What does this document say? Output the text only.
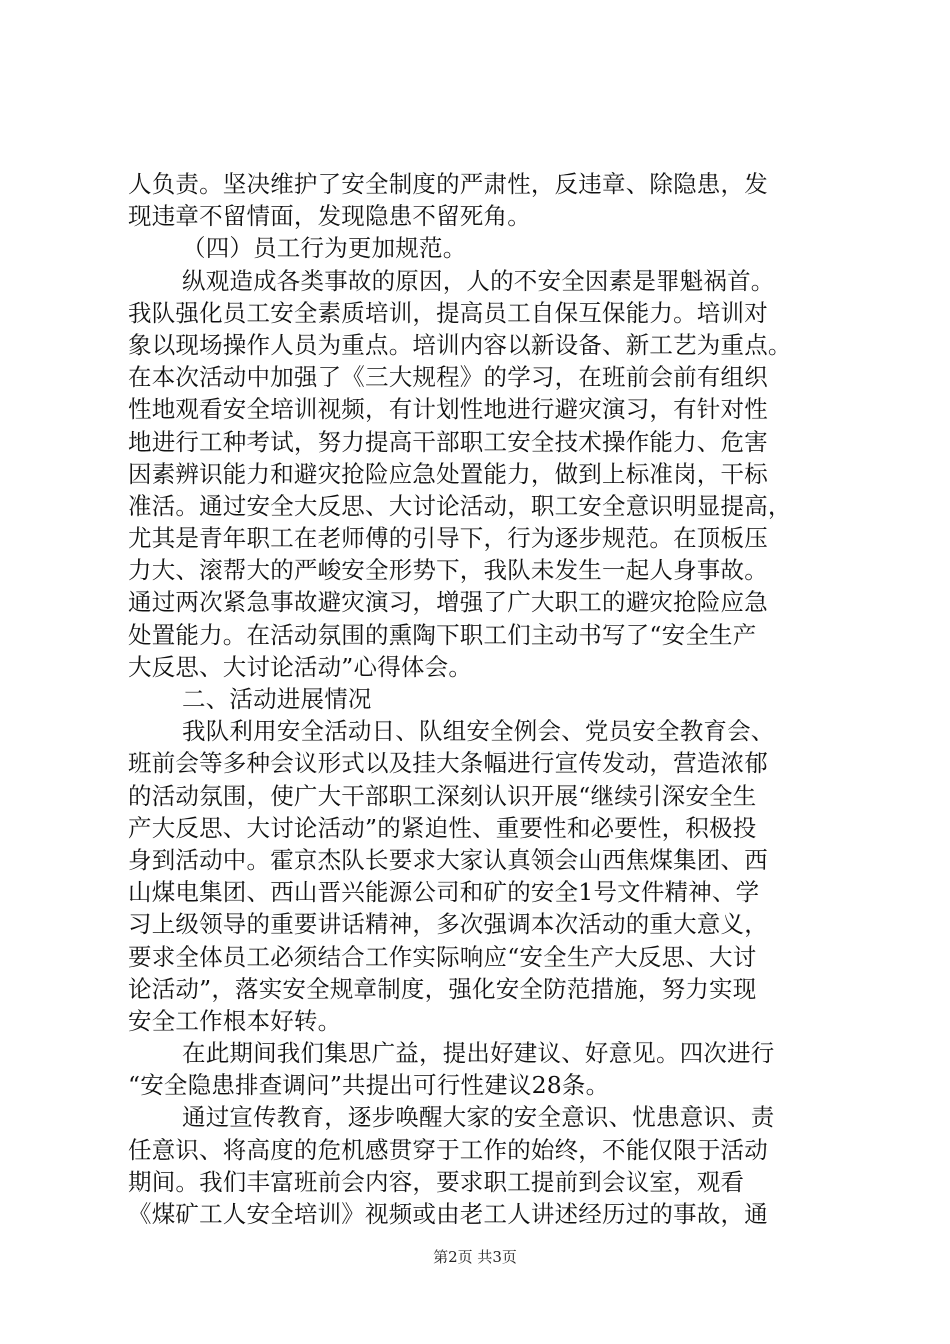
人负责。坚决维护了安全制度的严肃性，反违章、除隐患，发
现违章不留情面，发现隐患不留死角。
（四）员工行为更加规范。
纵观造成各类事故的原因，人的不安全因素是罪魁祸首。
我队强化员工安全素质培训，提高员工自保互保能力。培训对
象以现场操作人员为重点。培训内容以新设备、新工艺为重点。
在本次活动中加强了《三大规程》的学习，在班前会前有组织
性地观看安全培训视频，有计划性地进行避灾演习，有针对性
地进行工种考试，努力提高干部职工安全技术操作能力、危害
因素辨识能力和避灾抢险应急处置能力，做到上标准岗，干标
准活。通过安全大反思、大讨论活动，职工安全意识明显提高，
尤其是青年职工在老师傅的引导下，行为逐步规范。在顶板压
力大、滚帮大的严峻安全形势下，我队未发生一起人身事故。
通过两次紧急事故避灾演习，增强了广大职工的避灾抢险应急
处置能力。在活动氛围的熏陶下职工们主动书写了“安全生产
大反思、大讨论活动”心得体会。
二、活动进展情况
我队利用安全活动日、队组安全例会、党员安全教育会、
班前会等多种会议形式以及挂大条幅进行宣传发动，营造浓郁
的活动氛围，使广大干部职工深刻认识开展“继续引深安全生
产大反思、大讨论活动”的紧迫性、重要性和必要性，积极投
身到活动中。霍京杰队长要求大家认真领会山西焦煤集团、西
山煤电集团、西山晋兴能源公司和矿的安全1号文件精神、学
习上级领导的重要讲话精神，多次强调本次活动的重大意义，
要求全体员工必须结合工作实际响应“安全生产大反思、大讨
论活动”，落实安全规章制度，强化安全防范措施，努力实现
安全工作根本好转。
在此期间我们集思广益，提出好建议、好意见。四次进行
“安全隐患排查调问”共提出可行性建议28条。
通过宣传教育，逐步唤醒大家的安全意识、忧患意识、责
任意识、将高度的危机感贯穿于工作的始终，不能仅限于活动
期间。我们丰富班前会内容，要求职工提前到会议室，观看
《煤矿工人安全培训》视频或由老工人讲述经历过的事故，通
第2页 共3页
